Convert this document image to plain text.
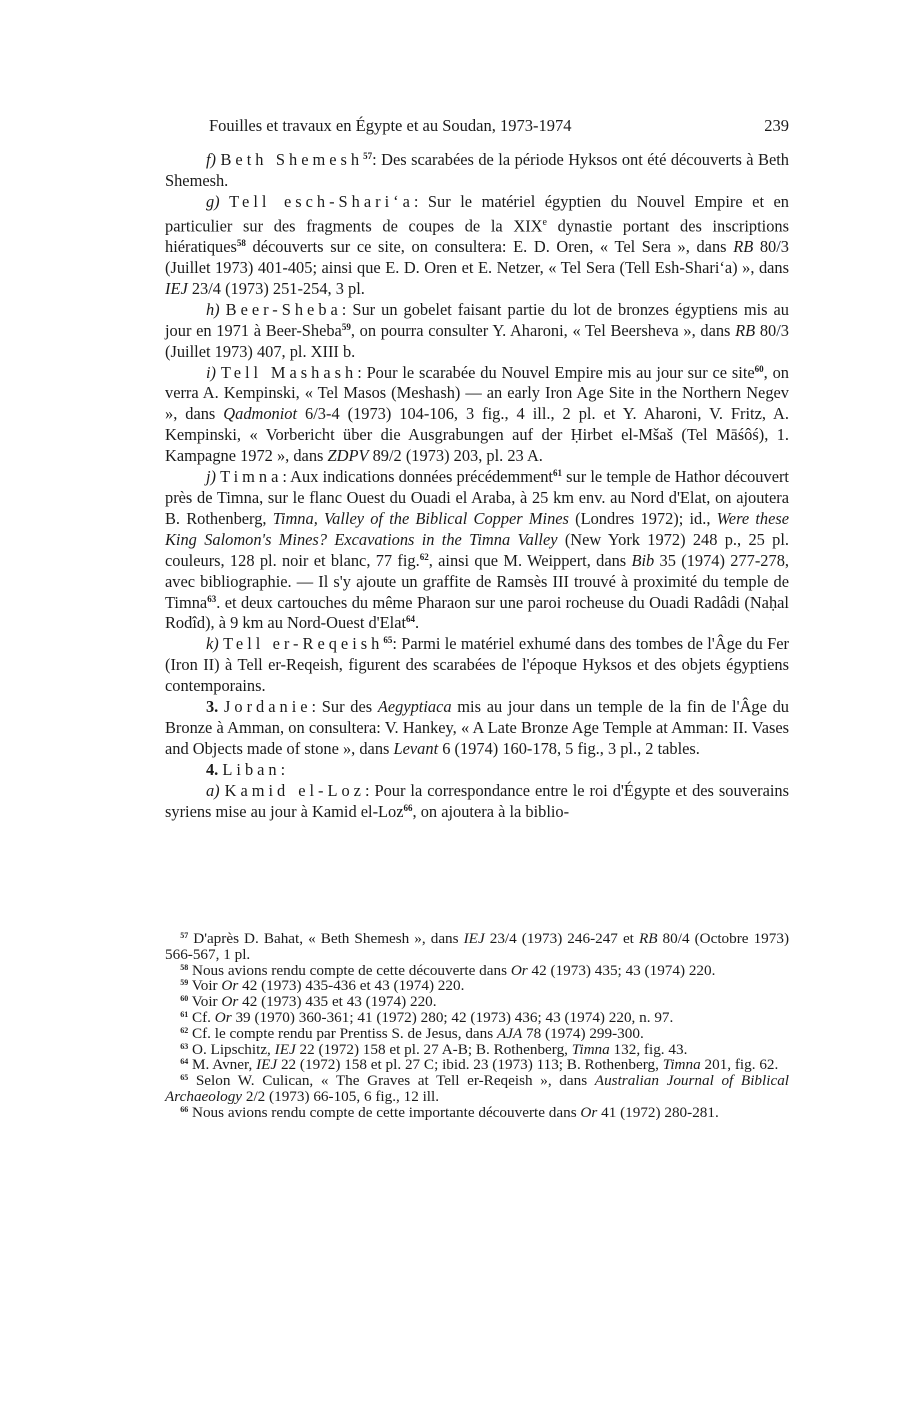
Fouilles et travaux en Égypte et au Soudan, 1973-1974	239

   f) Beth Shemesh$^{57}$: Des scarabées de la période Hyksos ont été découverts à Beth Shemesh.

   g) Tell esch-Shari‘a: Sur le matériel égyptien du Nouvel Empire et en particulier sur des fragments de coupes de la XIXe dynastie portant des inscriptions hiératiques$^{58}$ découverts sur ce site, on consultera: E. D. Oren, « Tel Sera », dans RB 80/3 (Juillet 1973) 401-405; ainsi que E. D. Oren et E. Netzer, « Tel Sera (Tell Esh-Shari‘a) », dans IEJ 23/4 (1973) 251-254, 3 pl.

   h) Beer-Sheba: Sur un gobelet faisant partie du lot de bronzes égyptiens mis au jour en 1971 à Beer-Sheba$^{59}$, on pourra consulter Y. Aharoni, « Tel Beersheva », dans RB 80/3 (Juillet 1973) 407, pl. XIII b.

   i) Tell Mashash: Pour le scarabée du Nouvel Empire mis au jour sur ce site$^{60}$, on verra A. Kempinski, « Tel Masos (Meshash) — an early Iron Age Site in the Northern Negev », dans Qadmoniot 6/3-4 (1973) 104-106, 3 fig., 4 ill., 2 pl. et Y. Aharoni, V. Fritz, A. Kempinski, « Vorbericht über die Ausgrabungen auf der Ḥirbet el-Mšaš (Tel Māśôś), 1. Kampagne 1972 », dans ZDPV 89/2 (1973) 203, pl. 23 A.

   j) Timna: Aux indications données précédemment$^{61}$ sur le temple de Hathor découvert près de Timna, sur le flanc Ouest du Ouadi el Araba, à 25 km env. au Nord d'Elat, on ajoutera B. Rothenberg, Timna, Valley of the Biblical Copper Mines (Londres 1972); id., Were these King Salomon's Mines? Excavations in the Timna Valley (New York 1972) 248 p., 25 pl. couleurs, 128 pl. noir et blanc, 77 fig.$^{62}$, ainsi que M. Weippert, dans Bib 35 (1974) 277-278, avec bibliographie. — Il s'y ajoute un graffite de Ramsès III trouvé à proximité du temple de Timna$^{63}$. et deux cartouches du même Pharaon sur une paroi rocheuse du Ouadi Radâdi (Naḥal Rodîd), à 9 km au Nord-Ouest d'Elat$^{64}$.

   k) Tell er-Reqeish$^{65}$: Parmi le matériel exhumé dans des tombes de l'Âge du Fer (Iron II) à Tell er-Reqeish, figurent des scarabées de l'époque Hyksos et des objets égyptiens contemporains.

   3. Jordanie: Sur des Aegyptiaca mis au jour dans un temple de la fin de l'Âge du Bronze à Amman, on consultera: V. Hankey, « A Late Bronze Age Temple at Amman: II. Vases and Objects made of stone », dans Levant 6 (1974) 160-178, 5 fig., 3 pl., 2 tables.

   4. Liban:

   a) Kamid el-Loz: Pour la correspondance entre le roi d'Égypte et des souverains syriens mise au jour à Kamid el-Loz$^{66}$, on ajoutera à la biblio-

 $^{57}$ D'après D. Bahat, « Beth Shemesh », dans IEJ 23/4 (1973) 246-247 et RB 80/4 (Octobre 1973) 566-567, 1 pl.

 $^{58}$ Nous avions rendu compte de cette découverte dans Or 42 (1973) 435; 43 (1974) 220.

 $^{59}$ Voir Or 42 (1973) 435-436 et 43 (1974) 220.

 $^{60}$ Voir Or 42 (1973) 435 et 43 (1974) 220.

 $^{61}$ Cf. Or 39 (1970) 360-361; 41 (1972) 280; 42 (1973) 436; 43 (1974) 220, n. 97.

 $^{62}$ Cf. le compte rendu par Prentiss S. de Jesus, dans AJA 78 (1974) 299-300.

 $^{63}$ O. Lipschitz, IEJ 22 (1972) 158 et pl. 27 A-B; B. Rothenberg, Timna 132, fig. 43.

 $^{64}$ M. Avner, IEJ 22 (1972) 158 et pl. 27 C; ibid. 23 (1973) 113; B. Rothenberg, Timna 201, fig. 62.

 $^{65}$ Selon W. Culican, « The Graves at Tell er-Reqeish », dans Australian Journal of Biblical Archaeology 2/2 (1973) 66-105, 6 fig., 12 ill.

 $^{66}$ Nous avions rendu compte de cette importante découverte dans Or 41 (1972) 280-281.
